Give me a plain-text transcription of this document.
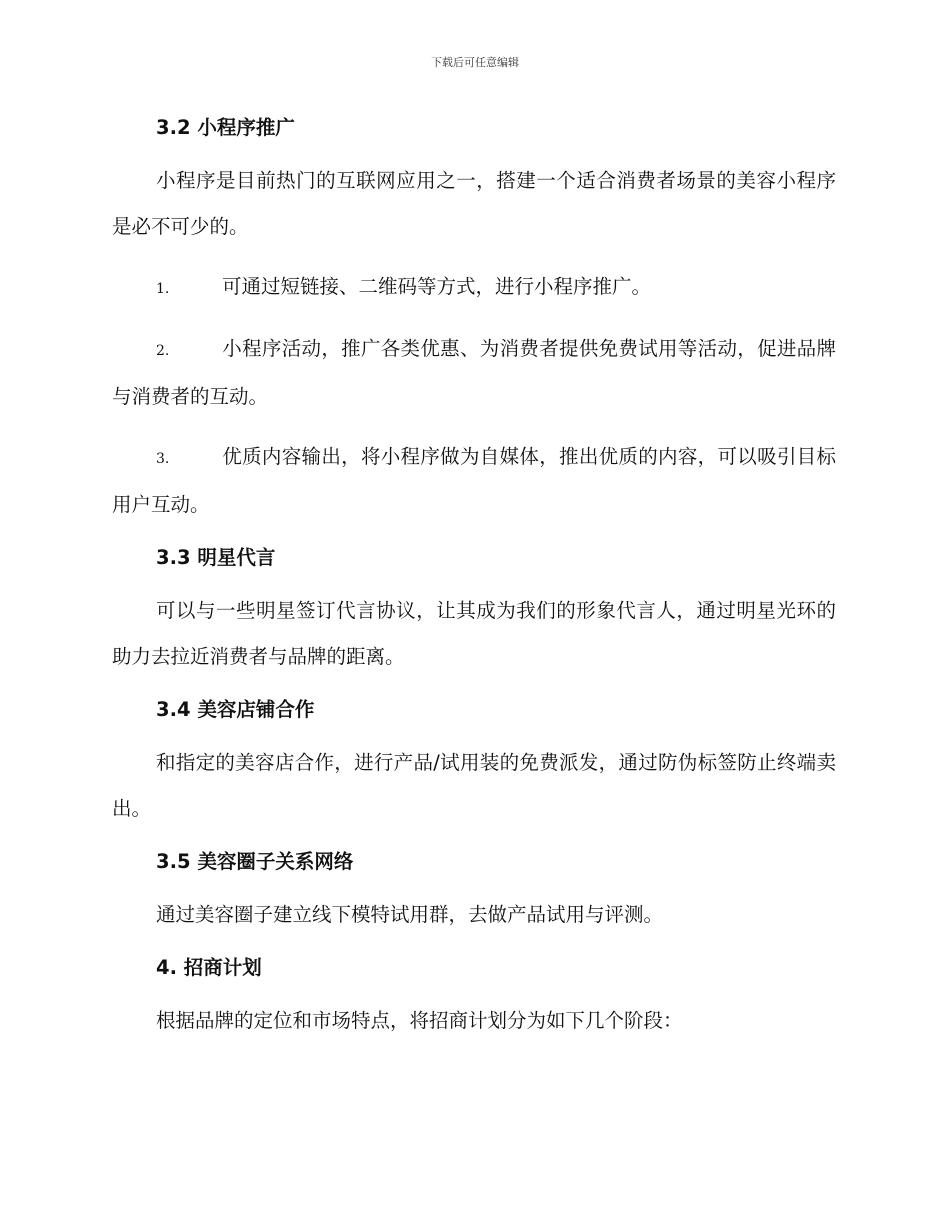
下载后可任意编辑
3.2 小程序推广

小程序是目前热门的互联网应用之一，搭建一个适合消费者场景的美容小程序是必不可少的。

1.	可通过短链接、二维码等方式，进行小程序推广。

2.	小程序活动，推广各类优惠、为消费者提供免费试用等活动，促进品牌与消费者的互动。

3.	优质内容输出，将小程序做为自媒体，推出优质的内容，可以吸引目标用户互动。

3.3 明星代言

可以与一些明星签订代言协议，让其成为我们的形象代言人，通过明星光环的助力去拉近消费者与品牌的距离。

3.4 美容店铺合作

和指定的美容店合作，进行产品/试用装的免费派发，通过防伪标签防止终端卖出。

3.5 美容圈子关系网络

通过美容圈子建立线下模特试用群，去做产品试用与评测。

4. 招商计划

根据品牌的定位和市场特点，将招商计划分为如下几个阶段：
